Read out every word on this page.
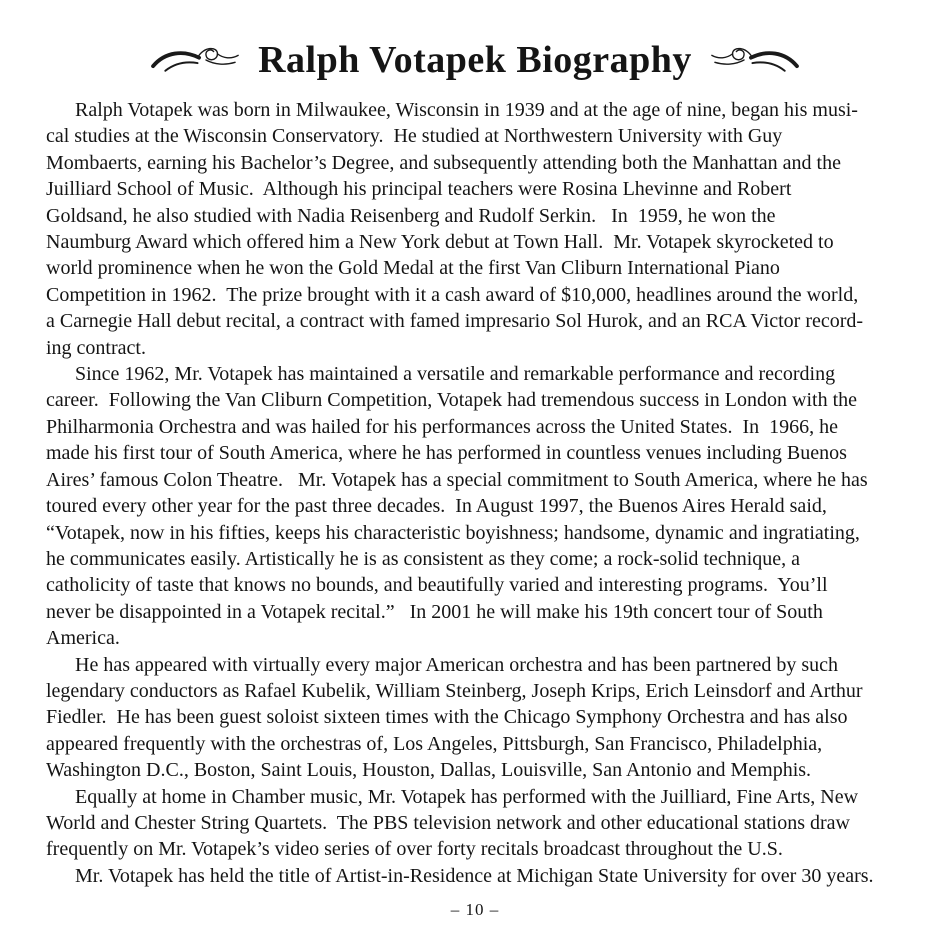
Ralph Votapek Biography
Ralph Votapek was born in Milwaukee, Wisconsin in 1939 and at the age of nine, began his musi-
cal studies at the Wisconsin Conservatory.  He studied at Northwestern University with Guy
Mombaerts, earning his Bachelor’s Degree, and subsequently attending both the Manhattan and the
Juilliard School of Music.  Although his principal teachers were Rosina Lhevinne and Robert
Goldsand, he also studied with Nadia Reisenberg and Rudolf Serkin.   In  1959, he won the
Naumburg Award which offered him a New York debut at Town Hall.  Mr. Votapek skyrocketed to
world prominence when he won the Gold Medal at the first Van Cliburn International Piano
Competition in 1962.  The prize brought with it a cash award of $10,000, headlines around the world,
a Carnegie Hall debut recital, a contract with famed impresario Sol Hurok, and an RCA Victor record-
ing contract.
Since 1962, Mr. Votapek has maintained a versatile and remarkable performance and recording
career.  Following the Van Cliburn Competition, Votapek had tremendous success in London with the
Philharmonia Orchestra and was hailed for his performances across the United States.  In  1966, he
made his first tour of South America, where he has performed in countless venues including Buenos
Aires’ famous Colon Theatre.   Mr. Votapek has a special commitment to South America, where he has
toured every other year for the past three decades.  In August 1997, the Buenos Aires Herald said,
“Votapek, now in his fifties, keeps his characteristic boyishness; handsome, dynamic and ingratiating,
he communicates easily. Artistically he is as consistent as they come; a rock-solid technique, a
catholicity of taste that knows no bounds, and beautifully varied and interesting programs.  You’ll
never be disappointed in a Votapek recital.”   In 2001 he will make his 19th concert tour of South
America.
He has appeared with virtually every major American orchestra and has been partnered by such
legendary conductors as Rafael Kubelik, William Steinberg, Joseph Krips, Erich Leinsdorf and Arthur
Fiedler.  He has been guest soloist sixteen times with the Chicago Symphony Orchestra and has also
appeared frequently with the orchestras of, Los Angeles, Pittsburgh, San Francisco, Philadelphia,
Washington D.C., Boston, Saint Louis, Houston, Dallas, Louisville, San Antonio and Memphis.
Equally at home in Chamber music, Mr. Votapek has performed with the Juilliard, Fine Arts, New
World and Chester String Quartets.  The PBS television network and other educational stations draw
frequently on Mr. Votapek’s video series of over forty recitals broadcast throughout the U.S.
Mr. Votapek has held the title of Artist-in-Residence at Michigan State University for over 30 years.
– 10 –
